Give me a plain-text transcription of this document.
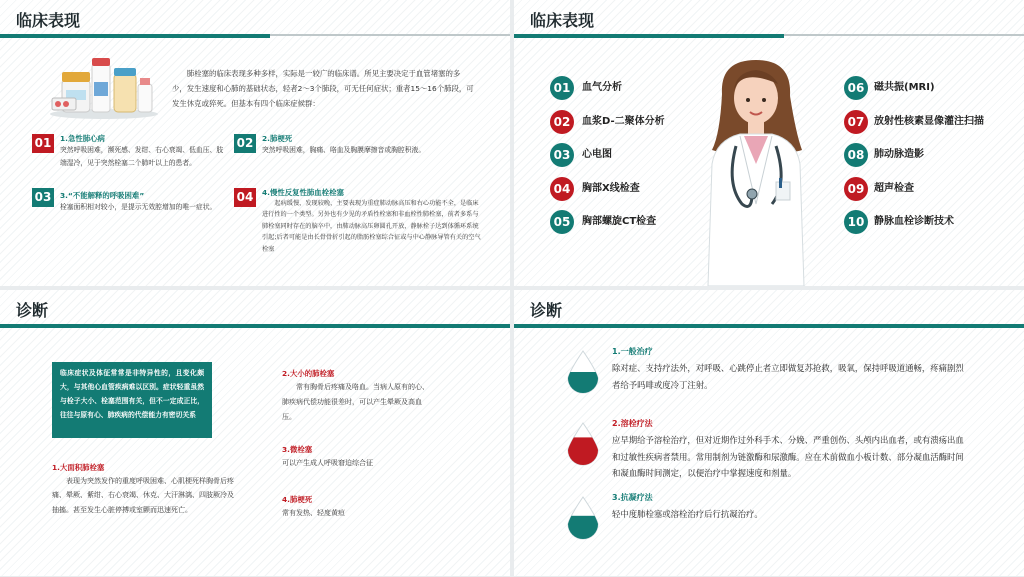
临床表现
肺栓塞的临床表现多种多样，实际是一较广的临床谱。所见主要决定于血管堵塞的多少，发生速度和心肺的基础状态，轻者2～3个肺段，可无任何症状；重者15～16个肺段，可发生休克或猝死。但基本有四个临床症候群：
01	1.急性肺心病
突然呼吸困难，濒死感、发绀、右心衰竭、低血压、肢端湿冷，见于突然栓塞二个肺叶以上的患者。
02	2.肺梗死
突然呼吸困难，胸痛、咯血及胸膜摩擦音或胸腔积液。
03	3.“不能解释的呼吸困难”
栓塞面积相对较小，是提示无效腔增加的唯一症状。
04	4.慢性反复性肺血栓栓塞
起病缓慢，发现较晚，主要表现为重症肺动脉高压和右心功能不全，是临床进行性的一个类型。另外也有少见的矛盾性栓塞和非血栓性肺栓塞，前者多系与肺栓塞同时存在的脑卒中，由肺动脉高压卵圆孔开放，静脉栓子达到体循环系统引起;后者可能是由长骨骨折引起的脂肪栓塞综合征或与中心静脉导管有关的空气栓塞
临床表现
01	血气分析
02	血浆D-二聚体分析
03	心电图
04	胸部X线检查
05	胸部螺旋CT检查
06 磁共振(MRI)
07 放射性核素显像灌注扫描
08 肺动脉造影
09 超声检查
10 静脉血栓诊断技术
诊断
临床症状及体征常常是非特异性的，且变化颇大，与其他心血管疾病难以区别。症状轻重虽然与栓子大小、栓塞范围有关，但不一定成正比，往往与原有心、肺疾病的代偿能力有密切关系
1.大面积肺栓塞
表现为突然发作的重度呼吸困难、心肌梗死样胸骨后疼痛、晕厥、紫绀、右心衰竭、休克、大汗淋漓、四肢厥冷及抽搐。甚至发生心脏停搏或室颤而迅速死亡。
2.大小的肺栓塞
常有胸骨后疼痛及咯血。当病人原有的心、肺疾病代偿功能很差时，可以产生晕厥及高血压。
3.微栓塞
可以产生成人呼吸窘迫综合征
4.肺梗死
常有发热、轻度黄疸
诊断
1.一般治疗
除对症、支持疗法外，对呼吸、心跳停止者立即做复苏抢救，吸氧，保持呼吸道通畅，疼痛剧烈者给予吗啡或度冷丁注射。
2.溶栓疗法
应早期给予溶栓治疗，但对近期作过外科手术、分娩、严重创伤、头颅内出血者，或有溃疡出血和过敏性疾病者禁用。常用制剂为链激酶和尿激酶。应在术前做血小板计数、部分凝血活酶时间和凝血酶时间测定，以便治疗中掌握速度和剂量。
3.抗凝疗法
轻中度肺栓塞或溶栓治疗后行抗凝治疗。
